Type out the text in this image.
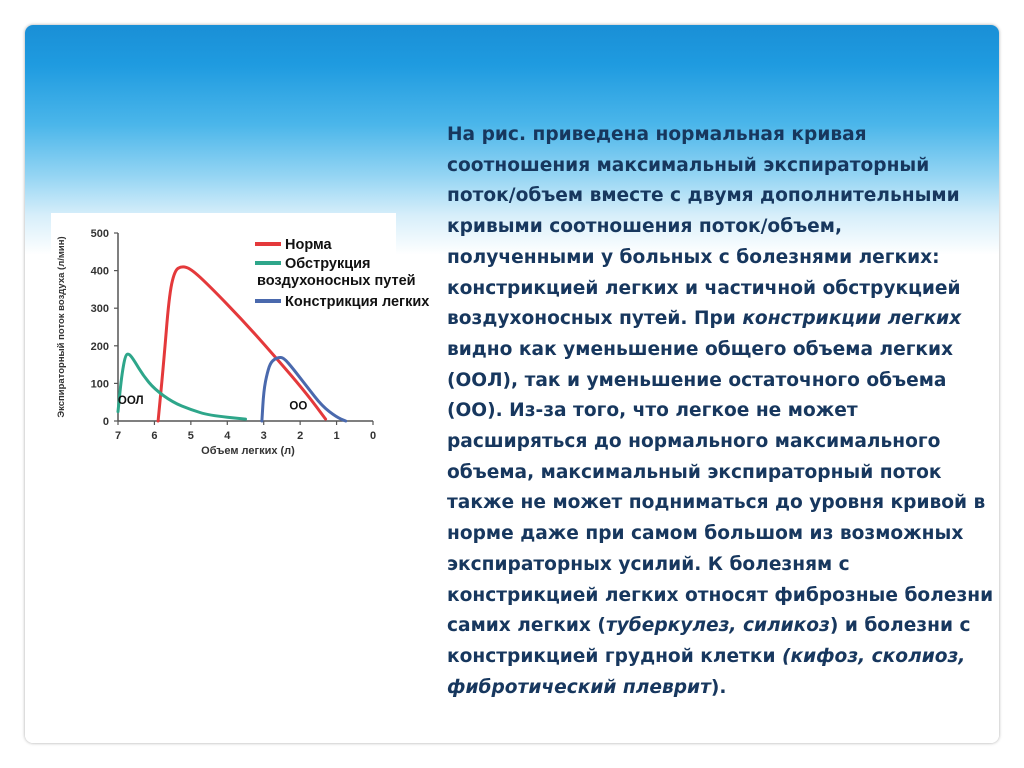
0
100
200
300
400
500
7	6	5	4	3	2	1	0
ООЛ	ОО
Экспираторный поток воздуха (л/мин)
Объем легких (л)
Норма
Обструкция
воздухоносных путей
Констрикция легких
На рис. приведена нормальная кривая соотношения максимальный экспираторный поток/объем вместе с двумя дополнительными кривыми соотношения поток/объем, полученными у больных с болезнями легких: констрикцией легких и частичной обструкцией воздухоносных путей. При констрикции легких видно как уменьшение общего объема легких (ООЛ), так и уменьшение остаточного объема (ОО). Из-за того, что легкое не может расширяться до нормального максимального объема, максимальный экспираторный поток также не может подниматься до уровня кривой в норме даже при самом большом из возможных экспираторных усилий. К болезням с констрикцией легких относят фиброзные болезни самих легких (туберкулез, силикоз) и болезни с констрикцией грудной клетки (кифоз, сколиоз, фибротический плеврит).
